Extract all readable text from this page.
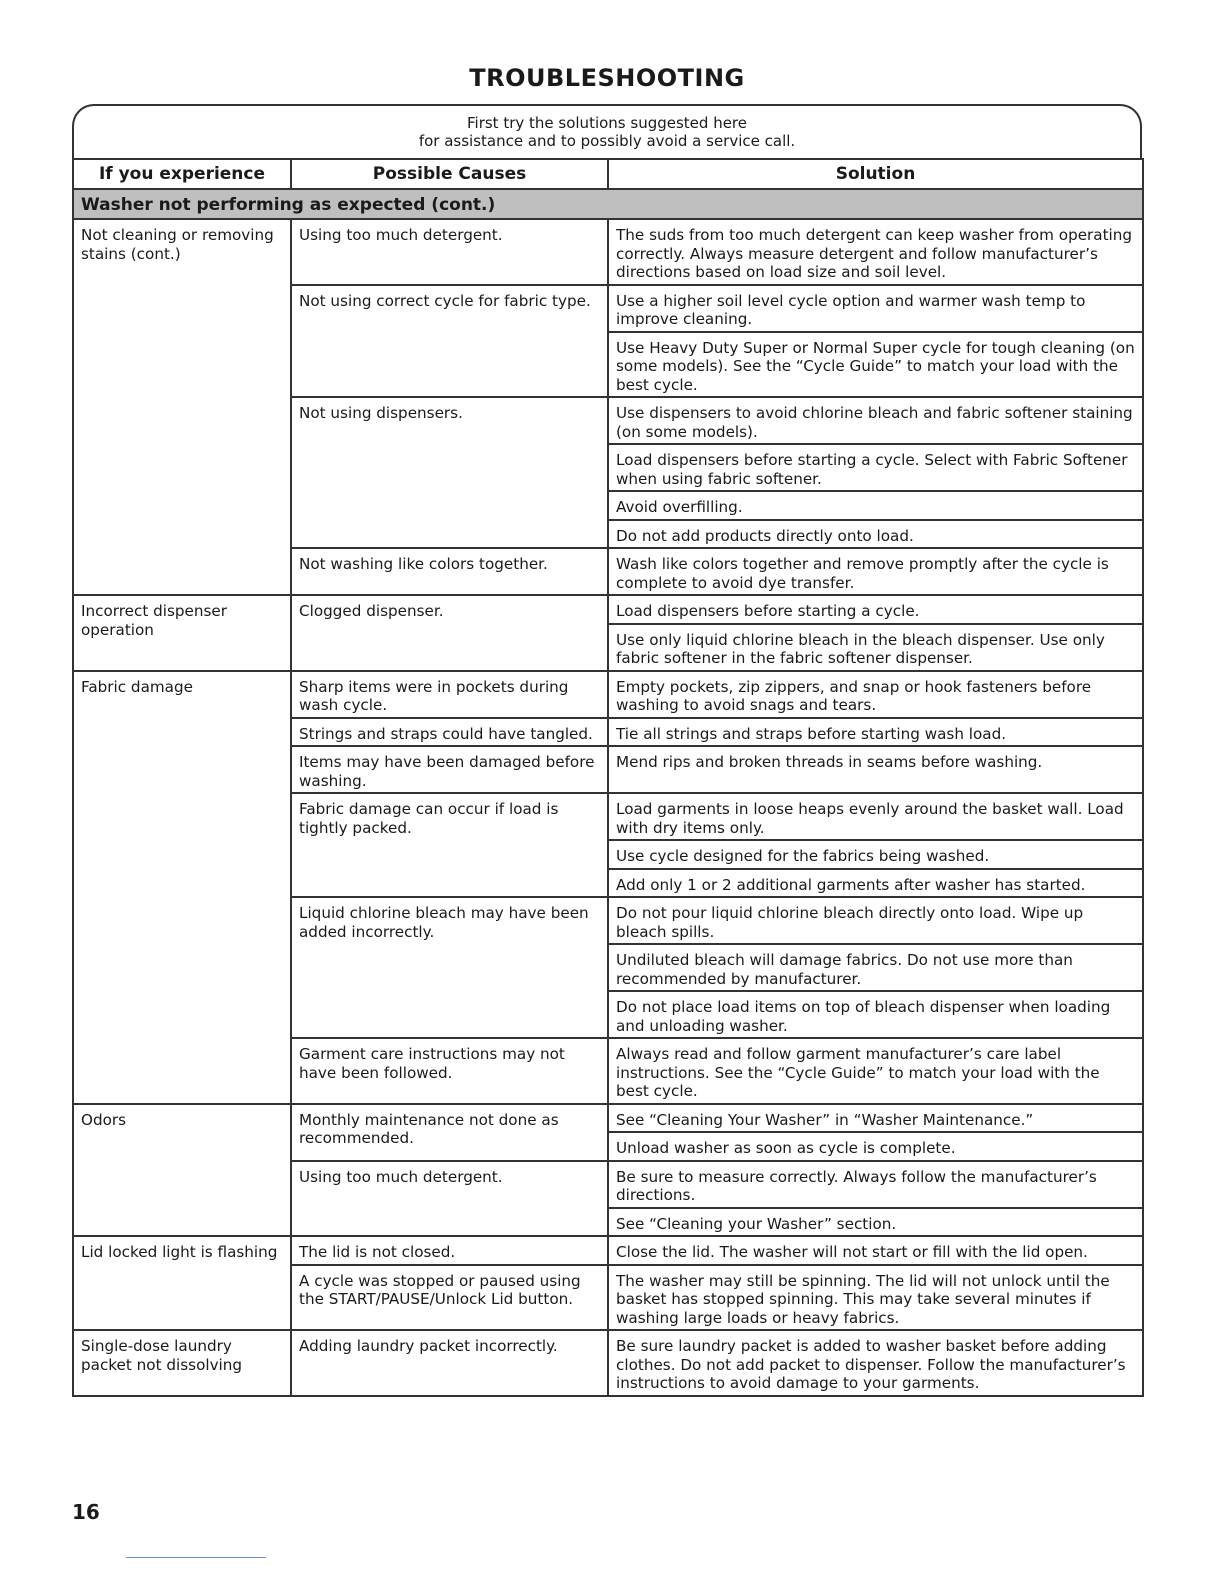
TROUBLESHOOTING
First try the solutions suggested here
for assistance and to possibly avoid a service call.
If you experience	Possible Causes	Solution
Washer not performing as expected (cont.)		
Not cleaning or removing stains (cont.)	Using too much detergent.	The suds from too much detergent can keep washer from operating correctly. Always measure detergent and follow manufacturer’s directions based on load size and soil level.
	Not using correct cycle for fabric type.	Use a higher soil level cycle option and warmer wash temp to improve cleaning.
		Use Heavy Duty Super or Normal Super cycle for tough cleaning (on some models). See the “Cycle Guide” to match your load with the best cycle.
	Not using dispensers.	Use dispensers to avoid chlorine bleach and fabric softener staining (on some models).
		Load dispensers before starting a cycle. Select with Fabric Softener when using fabric softener.
		Avoid overfilling.
		Do not add products directly onto load.
	Not washing like colors together.	Wash like colors together and remove promptly after the cycle is complete to avoid dye transfer.
Incorrect dispenser operation	Clogged dispenser.	Load dispensers before starting a cycle.
		Use only liquid chlorine bleach in the bleach dispenser. Use only fabric softener in the fabric softener dispenser.
Fabric damage	Sharp items were in pockets during wash cycle.	Empty pockets, zip zippers, and snap or hook fasteners before washing to avoid snags and tears.
	Strings and straps could have tangled.	Tie all strings and straps before starting wash load.
	Items may have been damaged before washing.	Mend rips and broken threads in seams before washing.
	Fabric damage can occur if load is tightly packed.	Load garments in loose heaps evenly around the basket wall. Load with dry items only.
		Use cycle designed for the fabrics being washed.
		Add only 1 or 2 additional garments after washer has started.
	Liquid chlorine bleach may have been added incorrectly.	Do not pour liquid chlorine bleach directly onto load. Wipe up bleach spills.
		Undiluted bleach will damage fabrics. Do not use more than recommended by manufacturer.
		Do not place load items on top of bleach dispenser when loading and unloading washer.
	Garment care instructions may not have been followed.	Always read and follow garment manufacturer’s care label instructions. See the “Cycle Guide” to match your load with the best cycle.
Odors	Monthly maintenance not done as recommended.	See “Cleaning Your Washer” in “Washer Maintenance.”
		Unload washer as soon as cycle is complete.
	Using too much detergent.	Be sure to measure correctly. Always follow the manufacturer’s directions.
		See “Cleaning your Washer” section.
Lid locked light is flashing	The lid is not closed.	Close the lid. The washer will not start or fill with the lid open.
	A cycle was stopped or paused using the START/PAUSE/Unlock Lid button.	The washer may still be spinning. The lid will not unlock until the basket has stopped spinning. This may take several minutes if washing large loads or heavy fabrics.
Single-dose laundry packet not dissolving	Adding laundry packet incorrectly.	Be sure laundry packet is added to washer basket before adding clothes. Do not add packet to dispenser. Follow the manufacturer’s instructions to avoid damage to your garments.
16
